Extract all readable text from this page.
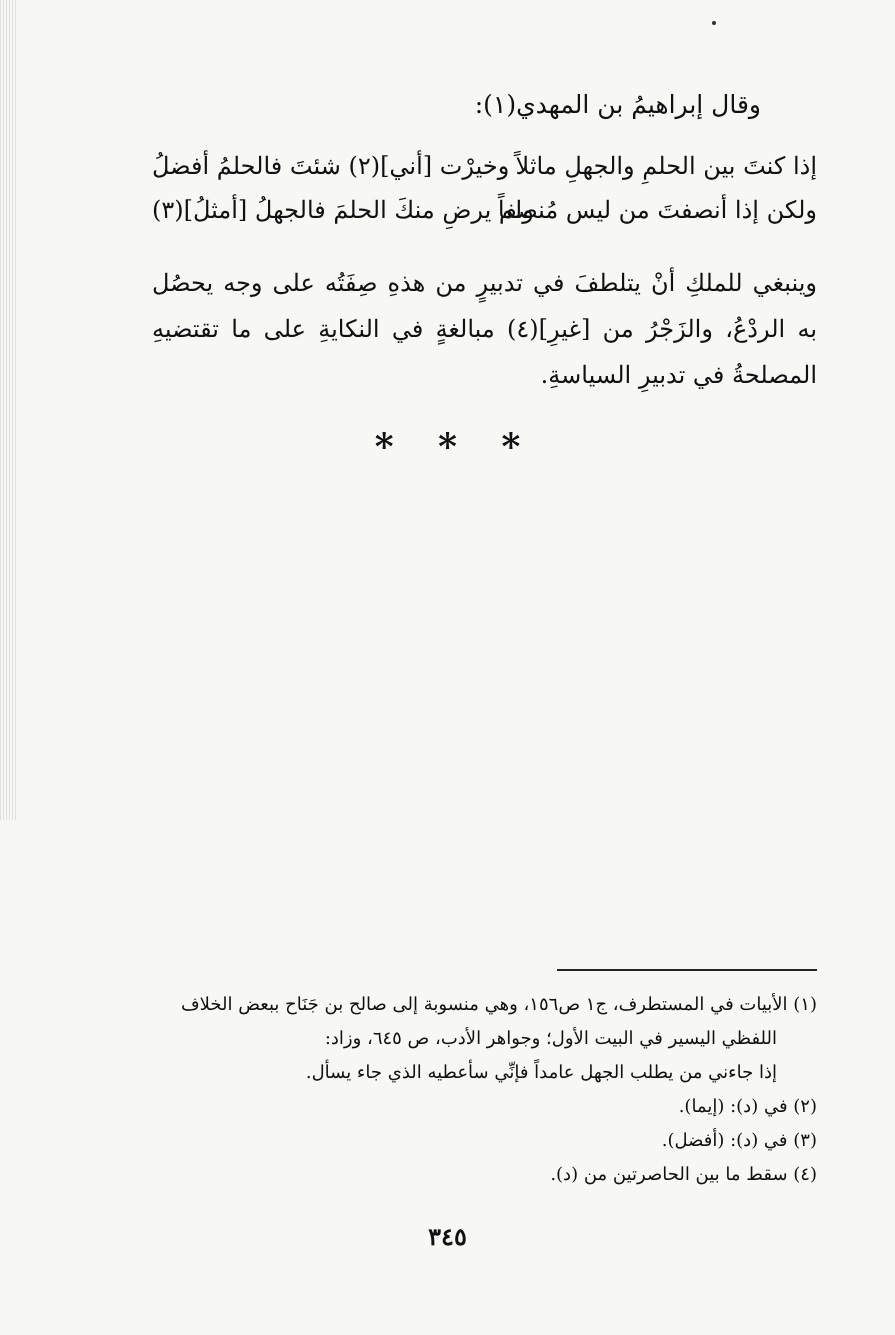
وقال إبراهيمُ بن المهدي(١):
إذا كنتَ بين الحلمِ والجهلِ ماثلاً
وخيرْت [أني](٢) شئتَ فالحلمُ أفضلُ
ولكن إذا أنصفتَ من ليس مُنصفاً
ولم يرضِ منكَ الحلمَ فالجهلُ [أمثلُ](٣)
وينبغي للملكِ أنْ يتلطفَ في تدبيرٍ من هذهِ صِفَتُه على وجه يحصُل به الردْعُ، والزَجْرُ من [غيرِ](٤) مبالغةٍ في النكايةِ على ما تقتضيهِ المصلحةُ في تدبيرِ السياسةِ.
* * *
(١) الأبيات في المستطرف، ج١ ص١٥٦، وهي منسوبة إلى صالح بن جَنَاح ببعض الخلاف
اللفظي اليسير في البيت الأول؛ وجواهر الأدب، ص ٦٤٥، وزاد:
إذا جاءني من يطلب الجهل عامداً فإنِّي سأعطيه الذي جاء يسأل.
(٢) في (د): (إيما).
(٣) في (د): (أفضل).
(٤) سقط ما بين الحاصرتين من (د).
٣٤٥
